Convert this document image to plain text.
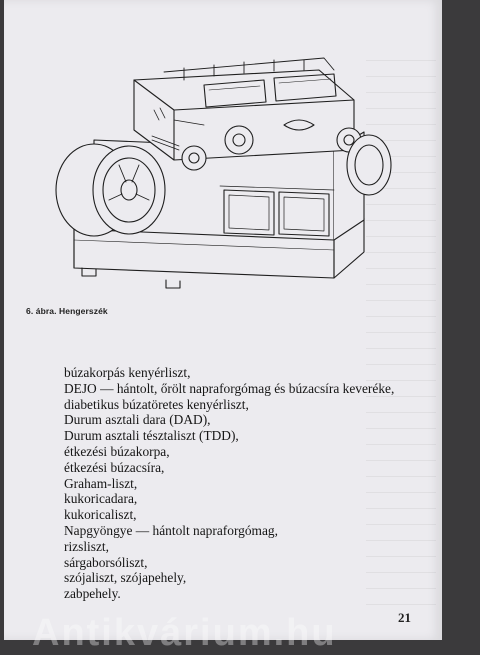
6. ábra. Hengerszék
búzakorpás kenyérliszt,
DEJO — hántolt, őrölt napraforgómag és búzacsíra keveréke,
diabetikus búzatöretes kenyérliszt,
Durum asztali dara (DAD),
Durum asztali tésztaliszt (TDD),
étkezési búzakorpa,
étkezési búzacsíra,
Graham-liszt,
kukoricadara,
kukoricaliszt,
Napgyöngye — hántolt napraforgómag,
rizsliszt,
sárgaborsóliszt,
szójaliszt, szójapehely,
zabpehely.
21
Antikvárium.hu
